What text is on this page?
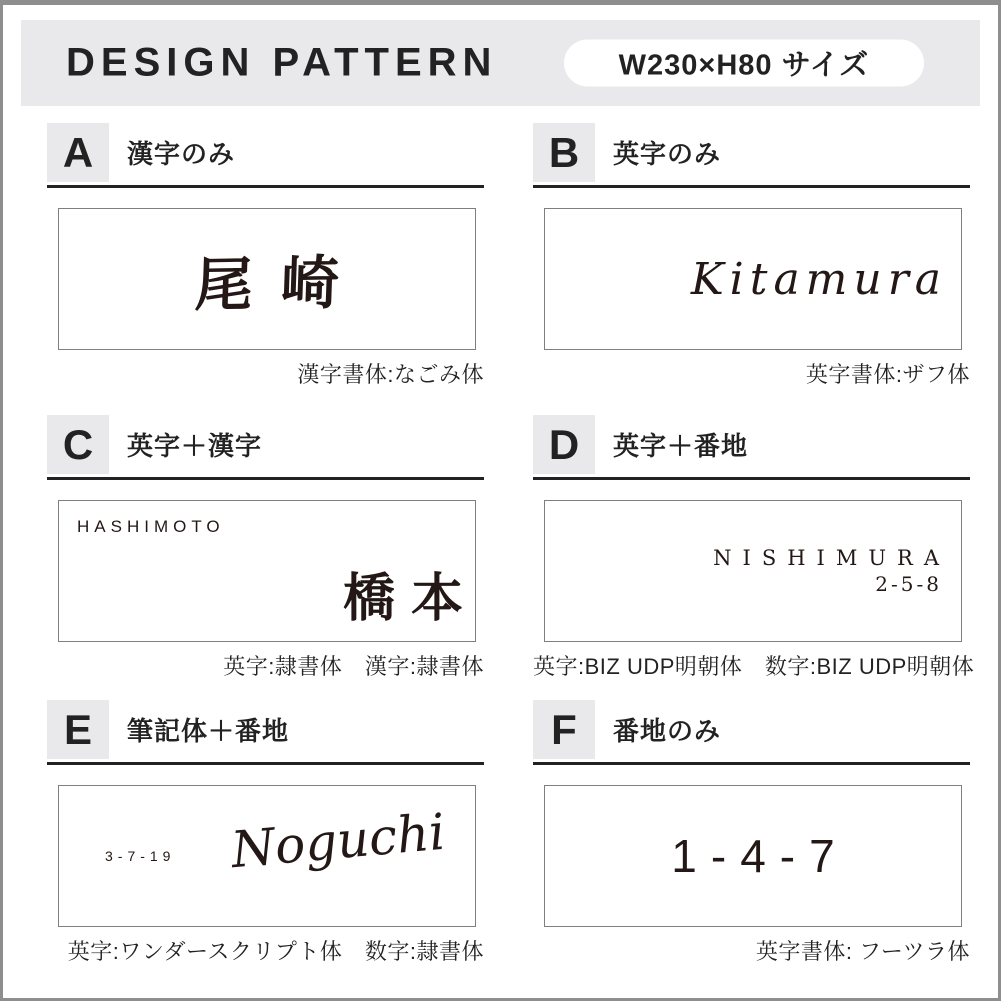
DESIGN PATTERN	W230×H80 サイズ
A	漢字のみ
尾崎
漢字書体:なごみ体
B	英字のみ
Kitamura
英字書体:ザフ体
C	英字＋漢字
HASHIMOTO
橋本
英字:隷書体　漢字:隷書体
D	英字＋番地
NISHIMURA
2-5-8
英字:BIZ UDP明朝体　数字:BIZ UDP明朝体
E	筆記体＋番地
3-7-19 Noguchi
英字:ワンダースクリプト体　数字:隷書体
F	番地のみ
1-4-7
英字書体: フーツラ体
